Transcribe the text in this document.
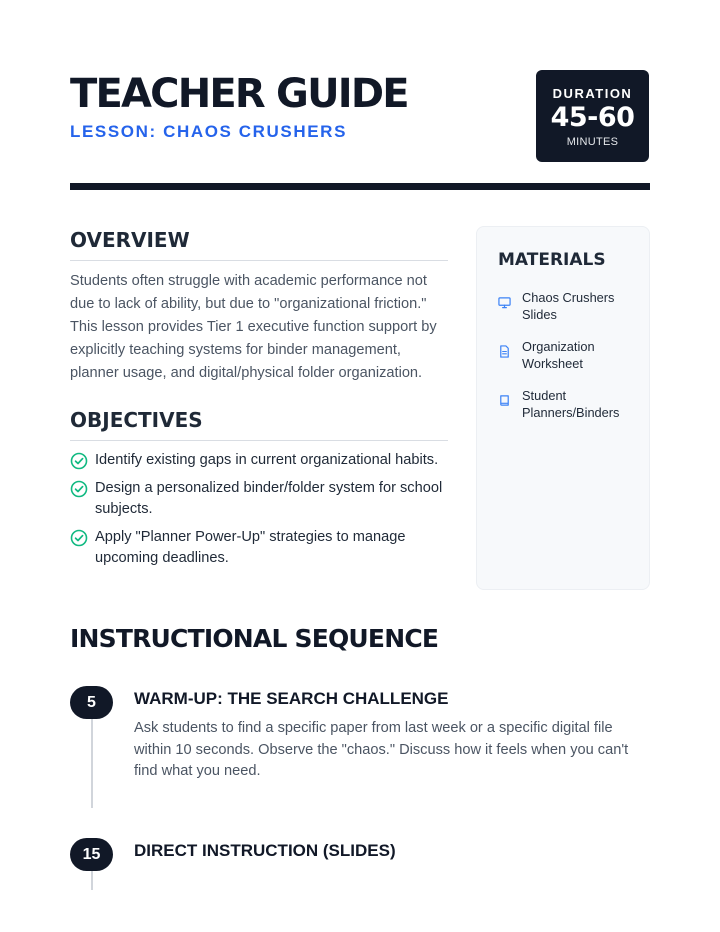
TEACHER GUIDE
LESSON: CHAOS CRUSHERS
DURATION
45-60
MINUTES
OVERVIEW

Students often struggle with academic performance not due to lack of ability, but due to "organizational friction." This lesson provides Tier 1 executive function support by explicitly teaching systems for binder management, planner usage, and digital/physical folder organization.

OBJECTIVES
Identify existing gaps in current organizational habits.
Design a personalized binder/folder system for school subjects.
Apply "Planner Power-Up" strategies to manage upcoming deadlines.
MATERIALS
Chaos Crushers Slides
Organization Worksheet
Student Planners/Binders
INSTRUCTIONAL SEQUENCE
5	WARM-UP: THE SEARCH CHALLENGE

Ask students to find a specific paper from last week or a specific digital file within 10 seconds. Observe the "chaos." Discuss how it feels when you can't find what you need.

15	DIRECT INSTRUCTION (SLIDES)
